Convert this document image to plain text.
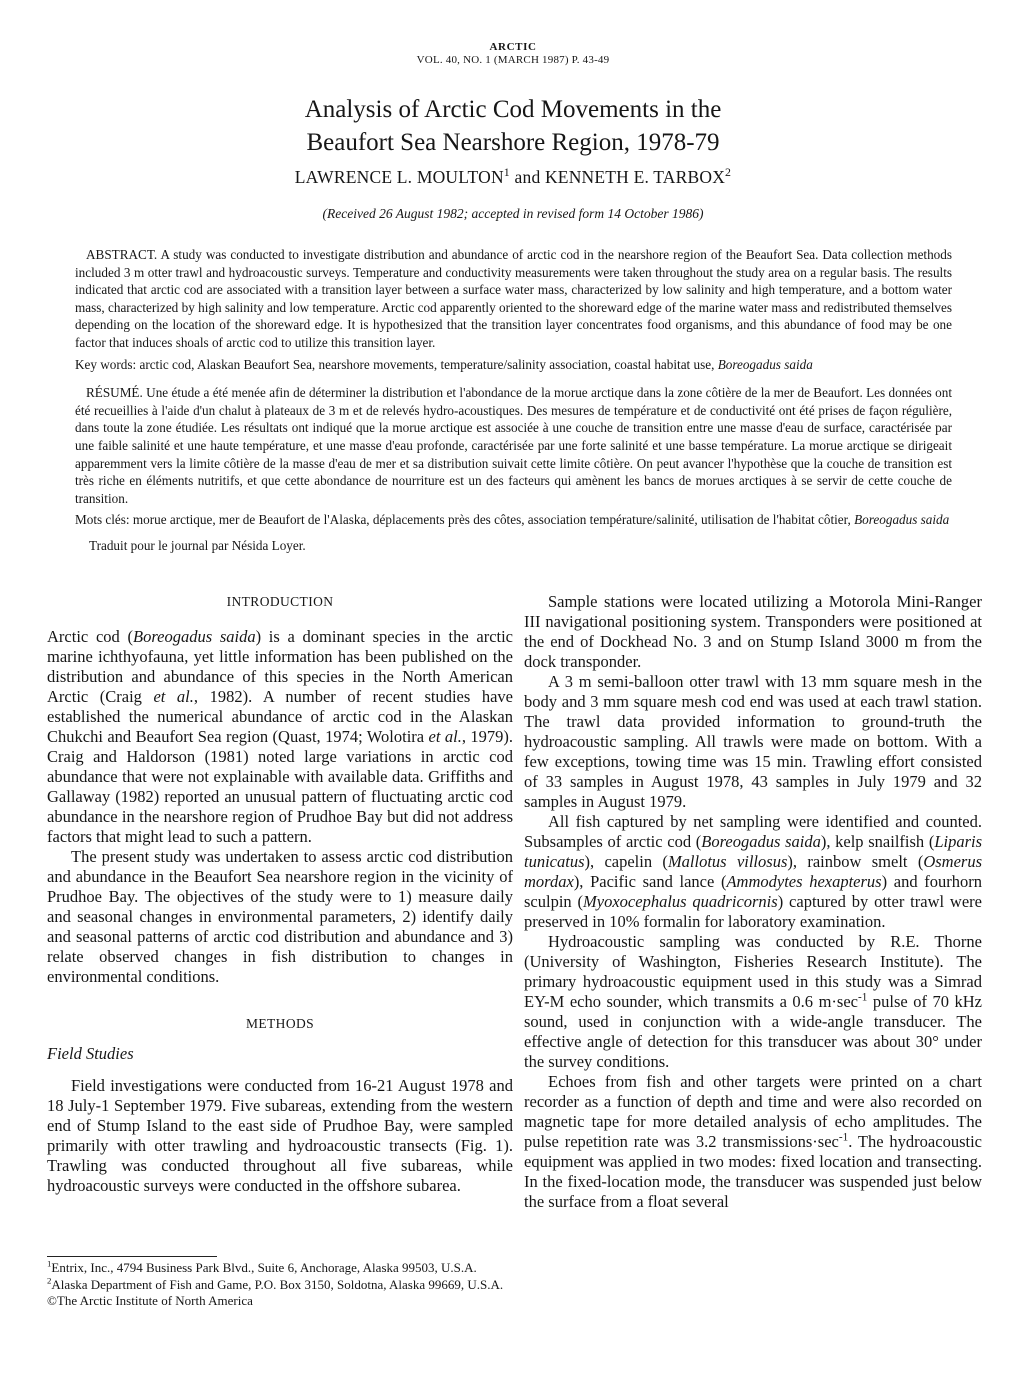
ARCTIC
VOL. 40, NO. 1 (MARCH 1987) P. 43-49
Analysis of Arctic Cod Movements in the
Beaufort Sea Nearshore Region, 1978-79
LAWRENCE L. MOULTON$^1$ and KENNETH E. TARBOX$^2$
(Received 26 August 1982; accepted in revised form 14 October 1986)

ABSTRACT. A study was conducted to investigate distribution and abundance of arctic cod in the nearshore region of the Beaufort Sea. Data collection methods included 3 m otter trawl and hydroacoustic surveys. Temperature and conductivity measurements were taken throughout the study area on a regular basis. The results indicated that arctic cod are associated with a transition layer between a surface water mass, characterized by low salinity and high temperature, and a bottom water mass, characterized by high salinity and low temperature. Arctic cod apparently oriented to the shoreward edge of the marine water mass and redistributed themselves depending on the location of the shoreward edge. It is hypothesized that the transition layer concentrates food organisms, and this abundance of food may be one factor that induces shoals of arctic cod to utilize this transition layer.

Key words: arctic cod, Alaskan Beaufort Sea, nearshore movements, temperature/salinity association, coastal habitat use, Boreogadus saida

RÉSUMÉ. Une étude a été menée afin de déterminer la distribution et l'abondance de la morue arctique dans la zone côtière de la mer de Beaufort. Les données ont été recueillies à l'aide d'un chalut à plateaux de 3 m et de relevés hydro-acoustiques. Des mesures de température et de conductivité ont été prises de façon régulière, dans toute la zone étudiée. Les résultats ont indiqué que la morue arctique est associée à une couche de transition entre une masse d'eau de surface, caractérisée par une faible salinité et une haute température, et une masse d'eau profonde, caractérisée par une forte salinité et une basse température. La morue arctique se dirigeait apparemment vers la limite côtière de la masse d'eau de mer et sa distribution suivait cette limite côtière. On peut avancer l'hypothèse que la couche de transition est très riche en éléments nutritifs, et que cette abondance de nourriture est un des facteurs qui amènent les bancs de morues arctiques à se servir de cette couche de transition.

Mots clés: morue arctique, mer de Beaufort de l'Alaska, déplacements près des côtes, association température/salinité, utilisation de l'habitat côtier, Boreogadus saida

Traduit pour le journal par Nésida Loyer.

INTRODUCTION

Arctic cod (Boreogadus saida) is a dominant species in the arctic marine ichthyofauna, yet little information has been published on the distribution and abundance of this species in the North American Arctic (Craig et al., 1982). A number of recent studies have established the numerical abundance of arctic cod in the Alaskan Chukchi and Beaufort Sea region (Quast, 1974; Wolotira et al., 1979). Craig and Haldorson (1981) noted large variations in arctic cod abundance that were not explainable with available data. Griffiths and Gallaway (1982) reported an unusual pattern of fluctuating arctic cod abundance in the nearshore region of Prudhoe Bay but did not address factors that might lead to such a pattern.

The present study was undertaken to assess arctic cod distribution and abundance in the Beaufort Sea nearshore region in the vicinity of Prudhoe Bay. The objectives of the study were to 1) measure daily and seasonal changes in environmental parameters, 2) identify daily and seasonal patterns of arctic cod distribution and abundance and 3) relate observed changes in fish distribution to changes in environmental conditions.

METHODS
Field Studies

Field investigations were conducted from 16-21 August 1978 and 18 July-1 September 1979. Five subareas, extending from the western end of Stump Island to the east side of Prudhoe Bay, were sampled primarily with otter trawling and hydroacoustic transects (Fig. 1). Trawling was conducted throughout all five subareas, while hydroacoustic surveys were conducted in the offshore subarea.

Sample stations were located utilizing a Motorola Mini-Ranger III navigational positioning system. Transponders were positioned at the end of Dockhead No. 3 and on Stump Island 3000 m from the dock transponder.

A 3 m semi-balloon otter trawl with 13 mm square mesh in the body and 3 mm square mesh cod end was used at each trawl station. The trawl data provided information to ground-truth the hydroacoustic sampling. All trawls were made on bottom. With a few exceptions, towing time was 15 min. Trawling effort consisted of 33 samples in August 1978, 43 samples in July 1979 and 32 samples in August 1979.

All fish captured by net sampling were identified and counted. Subsamples of arctic cod (Boreogadus saida), kelp snailfish (Liparis tunicatus), capelin (Mallotus villosus), rainbow smelt (Osmerus mordax), Pacific sand lance (Ammodytes hexapterus) and fourhorn sculpin (Myoxocephalus quadricornis) captured by otter trawl were preserved in 10% formalin for laboratory examination.

Hydroacoustic sampling was conducted by R.E. Thorne (University of Washington, Fisheries Research Institute). The primary hydroacoustic equipment used in this study was a Simrad EY-M echo sounder, which transmits a 0.6 $m\cdot\sec^{-1}$ pulse of 70 kHz sound, used in conjunction with a wide-angle transducer. The effective angle of detection for this transducer was about 30° under the survey conditions.

Echoes from fish and other targets were printed on a chart recorder as a function of depth and time and were also recorded on magnetic tape for more detailed analysis of echo amplitudes. The pulse repetition rate was 3.2 $transmissions\cdot\sec^{-1}$. The hydroacoustic equipment was applied in two modes: fixed location and transecting. In the fixed-location mode, the transducer was suspended just below the surface from a float several

$^1$Entrix, Inc., 4794 Business Park Blvd., Suite 6, Anchorage, Alaska 99503, U.S.A.

$^2$Alaska Department of Fish and Game, P.O. Box 3150, Soldotna, Alaska 99669, U.S.A.

©The Arctic Institute of North America
